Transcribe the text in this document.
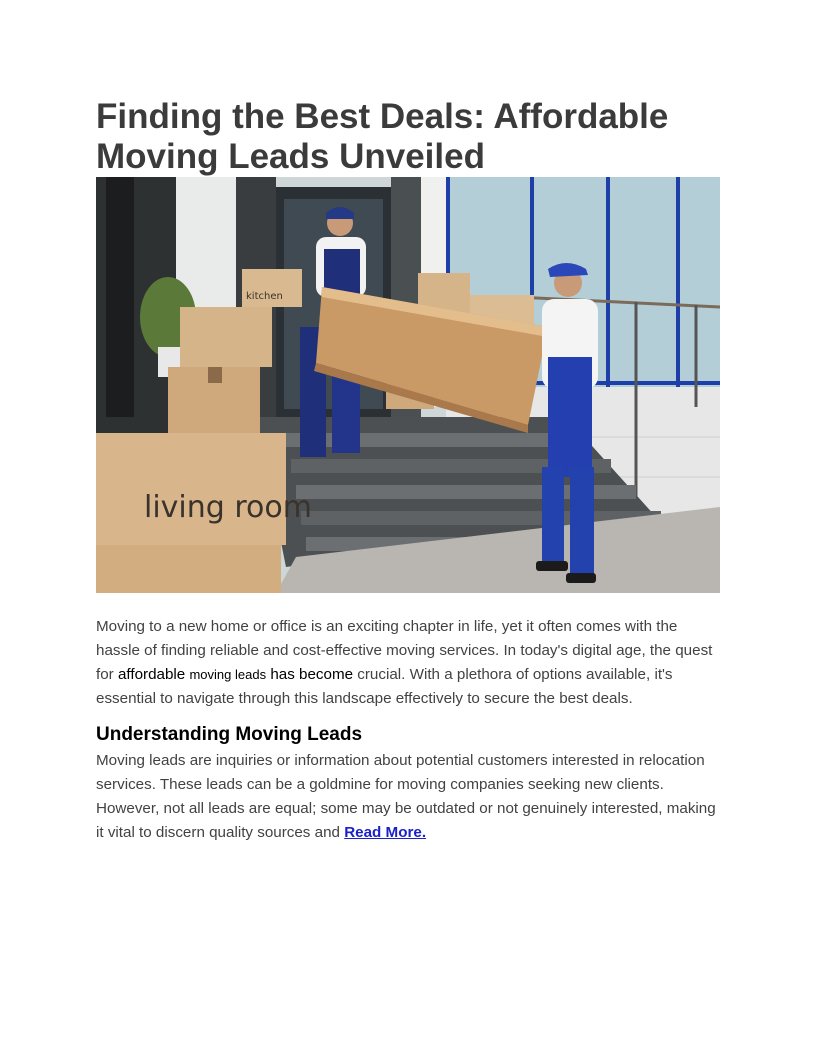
Finding the Best Deals: Affordable
Moving Leads Unveiled
living room
kitchen

Moving to a new home or office is an exciting chapter in life, yet it often comes with the hassle of finding reliable and cost-effective moving services. In today's digital age, the quest for affordable moving leads has become crucial. With a plethora of options available, it's essential to navigate through this landscape effectively to secure the best deals.

Understanding Moving Leads

Moving leads are inquiries or information about potential customers interested in relocation services. These leads can be a goldmine for moving companies seeking new clients. However, not all leads are equal; some may be outdated or not genuinely interested, making it vital to discern quality sources and Read More.
